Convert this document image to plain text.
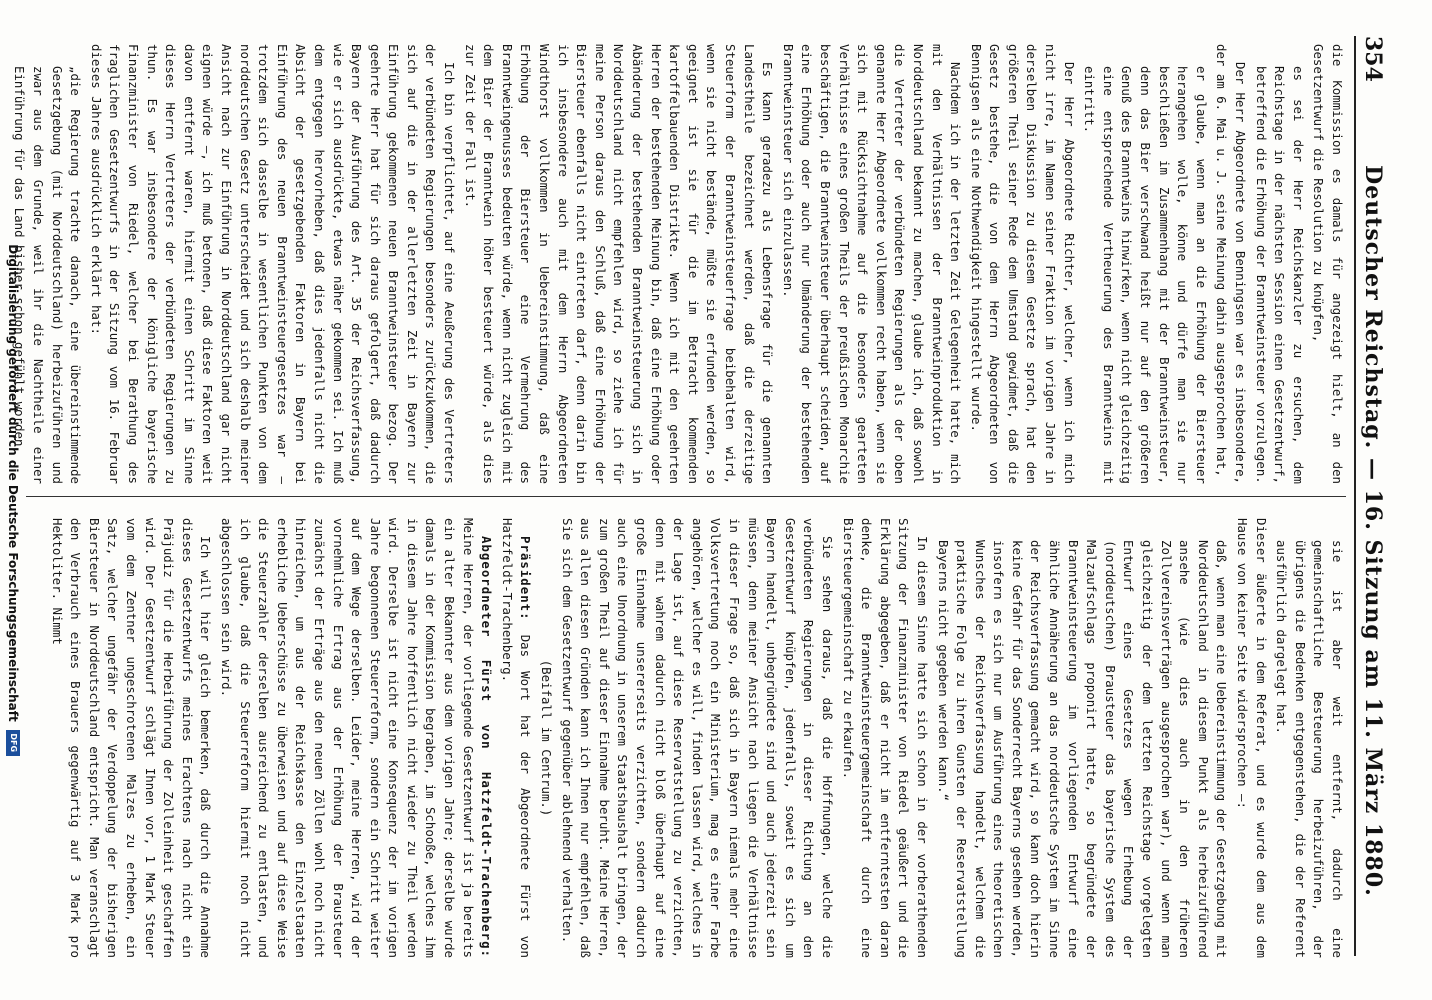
354
Deutscher Reichstag. — 16. Sitzung am 11. März 1880.

die Kommission es damals für angezeigt hielt, an den Gesetzentwurf die Resolution zu knüpfen,

es sei der Herr Reichskanzler zu ersuchen, dem Reichstage in der nächsten Session einen Gesetzentwurf, betreffend die Erhöhung der Branntweinsteuer vorzulegen.

Der Herr Abgeordnete von Benningsen war es insbesondere, der am 6. Mai u. J. seine Meinung dahin ausgesprochen hat,

er glaube, wenn man an die Erhöhung der Biersteuer herangehen wolle, könne und dürfe man sie nur beschließen im Zusammenhang mit der Branntweinsteuer, denn das Bier verschwand heißt nur auf den größeren Genuß des Branntweins hinwirken, wenn nicht gleichzeitig eine entsprechende Vertheuerung des Branntweins mit eintritt.

Der Herr Abgeordnete Richter, welcher, wenn ich mich nicht irre, im Namen seiner Fraktion im vorigen Jahre in derselben Diskussion zu diesem Gesetze sprach, hat den größeren Theil seiner Rede dem Umstand gewidmet, daß die Gesetz bestehe, die von dem Herrn Abgeordneten von Bennigsen als eine Nothwendigkeit hingestellt wurde.

Nachdem ich in der letzten Zeit Gelegenheit hatte, mich mit den Verhältnissen der Branntweinproduktion in Norddeutschland bekannt zu machen, glaube ich, daß sowohl die Vertreter der verbündeten Regierungen als der oben genannte Herr Abgeordnete vollkommen recht haben, wenn sie sich mit Rücksichtnahme auf die besonders gearteten Verhältnisse eines großen Theils der preußischen Monarchie beschäftigen, die Branntweinsteuer überhaupt scheiden, auf eine Erhöhung oder auch nur Umänderung der bestehenden Branntweinsteuer sich einzulassen.

Es kann geradezu als Lebensfrage für die genannten Landestheile bezeichnet werden, daß die derzeitige Steuerform der Branntweinsteuerfrage beibehalten wird, wenn sie nicht bestände, müßte sie erfunden werden, so geeignet ist sie für die im Betracht kommenden kartoffelbauenden Distrikte. Wenn ich mit den geehrten Herren der bestehenden Meinung bin, daß eine Erhöhung oder Abänderung der bestehenden Branntweinsteuerung sich in Norddeutschland nicht empfehlen wird, so ziehe ich für meine Person daraus den Schluß, daß eine Erhöhung der Biersteuer ebenfalls nicht eintreten darf, denn darin bin ich insbesondere auch mit dem Herrn Abgeordneten Windthorst vollkommen in Uebereinstimmung, daß eine Erhöhung der Biersteuer eine Vermehrung des Branntweingenusses bedeuten würde, wenn nicht zugleich mit dem Bier der Branntwein höher besteuert würde, als dies zur Zeit der Fall ist.

Ich bin verpflichtet, auf eine Aeußerung des Vertreters der verbündeten Regierungen besonders zurückzukommen, die sich auf die in der allerletzten Zeit in Bayern zur Einführung gekommenen neuen Branntweinsteuer bezog. Der geehrte Herr hat für sich daraus gefolgert, daß dadurch Bayern der Ausführung des Art. 35 der Reichsverfassung, wie er sich ausdrückte, etwas näher gekommen sei. Ich muß dem entgegen hervorheben, daß dies jedenfalls nicht die Absicht der gesetzgebenden Faktoren in Bayern bei Einführung des neuen Branntweinsteuergesetzes war — trotzdem sich dasselbe in wesentlichen Punkten von dem norddeutschen Gesetz unterscheidet und sich deshalb meiner Ansicht nach zur Einführung in Norddeutschland gar nicht eignen würde —, ich muß betonen, daß diese Faktoren weit davon entfernt waren, hiermit einen Schritt im Sinne dieses Herrn Vertreters der verbündeten Regierungen zu thun. Es war insbesondere der königliche bayerische Finanzminister von Riedel, welcher bei Berathung des fraglichen Gesetzentwurfs in der Sitzung vom 16. Februar dieses Jahres ausdrücklich erklärt hat:

„die Regierung trachte danach, eine übereinstimmende Gesetzgebung (mit Norddeutschland) herbeizuführen und zwar aus dem Grunde, weil ihr die Nachtheile einer Einführung für das Land bisher schon gefühlt worden

sie ist aber weit entfernt, dadurch eine gemeinschaftliche Besteuerung herbeizuführen, der übrigens die Bedenken entgegenstehen, die der Referent ausführlich dargelegt hat.

Dieser äußerte in dem Referat, und es wurde dem aus dem Hause von keiner Seite widersprochen —:

daß, wenn man eine Uebereinstimmung der Gesetzgebung mit Norddeutschland in diesem Punkt als herbeizuführend ansehe (wie dies auch in den früheren Zollvereinsverträgen ausgesprochen war), und wenn man gleichzeitig der dem letzten Reichstage vorgelegten Entwurf eines Gesetzes wegen Erhebung der (norddeutschen) Brausteuer das bayerische System des Malzaufschlags proponirt hatte, so begründete der Branntweinsteuerung im vorliegenden Entwurf eine ähnliche Annäherung an das norddeutsche System im Sinne der Reichsverfassung gemacht wird, so kann doch hierin keine Gefahr für das Sonderrecht Bayerns gesehen werden, insofern es sich nur um Ausführung eines theoretischen Wunsches der Reichsverfassung handelt, welchem die praktische Folge zu ihren Gunsten der Reservatstellung Bayerns nicht gegeben werden kann.“

In diesem Sinne hatte sich schon in der vorberathenden Sitzung der Finanzminister von Riedel geäußert und die Erklärung abgegeben, daß er nicht im entferntesten daran denke, die Branntweinsteuergemeinschaft durch eine Biersteuergemeinschaft zu erkaufen.

Sie sehen daraus, daß die Hoffnungen, welche die verbündeten Regierungen in dieser Richtung an den Gesetzentwurf knüpfen, jedenfalls, soweit es sich um Bayern handelt, unbegründete sind und auch jederzeit sein müssen, denn meiner Ansicht nach liegen die Verhältnisse in dieser Frage so, daß sich in Bayern niemals mehr eine Volksvertretung noch ein Ministerium, mag es einer Farbe angehören, welcher es will, finden lassen wird, welches in der Lage ist, auf diese Reservatstellung zu verzichten, denn mit wahrem dadurch nicht bloß überhaupt auf eine große Einnahme unsererseits verzichten, sondern dadurch auch eine Unordnung in unserem Staatshaushalt bringen, der zum großen Theil auf dieser Einnahme beruht. Meine Herren, aus allen diesen Gründen kann ich Ihnen nur empfehlen, daß Sie sich dem Gesetzentwurf gegenüber ablehnend verhalten.

(Beifall im Centrum.)

Präsident: Das Wort hat der Abgeordnete Fürst von Hatzfeldt-Trachenberg.

Abgeordneter Fürst von Hatzfeldt-Trachenberg: Meine Herren, der vorliegende Gesetzentwurf ist ja bereits ein alter Bekannter aus dem vorigen Jahre; derselbe wurde damals in der Kommission begraben, im Schooße, welches ihm in diesem Jahre hoffentlich nicht wieder zu Theil werden wird. Derselbe ist nicht eine Konsequenz der im vorigen Jahre begonnenen Steuerreform, sondern ein Schritt weiter auf dem Wege derselben. Leider, meine Herren, wird der vornehmliche Ertrag aus der Erhöhung der Brausteuer zunächst der Erträge aus den neuen Zöllen wohl noch nicht hinreichen, um aus der Reichskasse den Einzelstaaten erhebliche Ueberschüsse zu überweisen und auf diese Weise die Steuerzahler derselben ausreichend zu entlasten, und ich glaube, daß die Steuerreform hiermit noch nicht abgeschlossen sein wird.

Ich will hier gleich bemerken, daß durch die Annahme dieses Gesetzentwurfs meines Erachtens nach nicht ein Präjudiz für die Herbeiführung der Zolleinheit geschaffen wird. Der Gesetzentwurf schlägt Ihnen vor, 1 Mark Steuer vom dem Zentner ungeschrotenen Malzes zu erheben, ein Satz, welcher ungefähr der Verdoppelung der bisherigen Biersteuer in Norddeutschland entspricht. Man veranschlagt den Verbrauch eines Brauers gegenwärtig auf 3 Mark pro Hektoliter. Nimmt

Digitalisierung gefördert durch die Deutsche Forschungsgemeinschaft
DFG
